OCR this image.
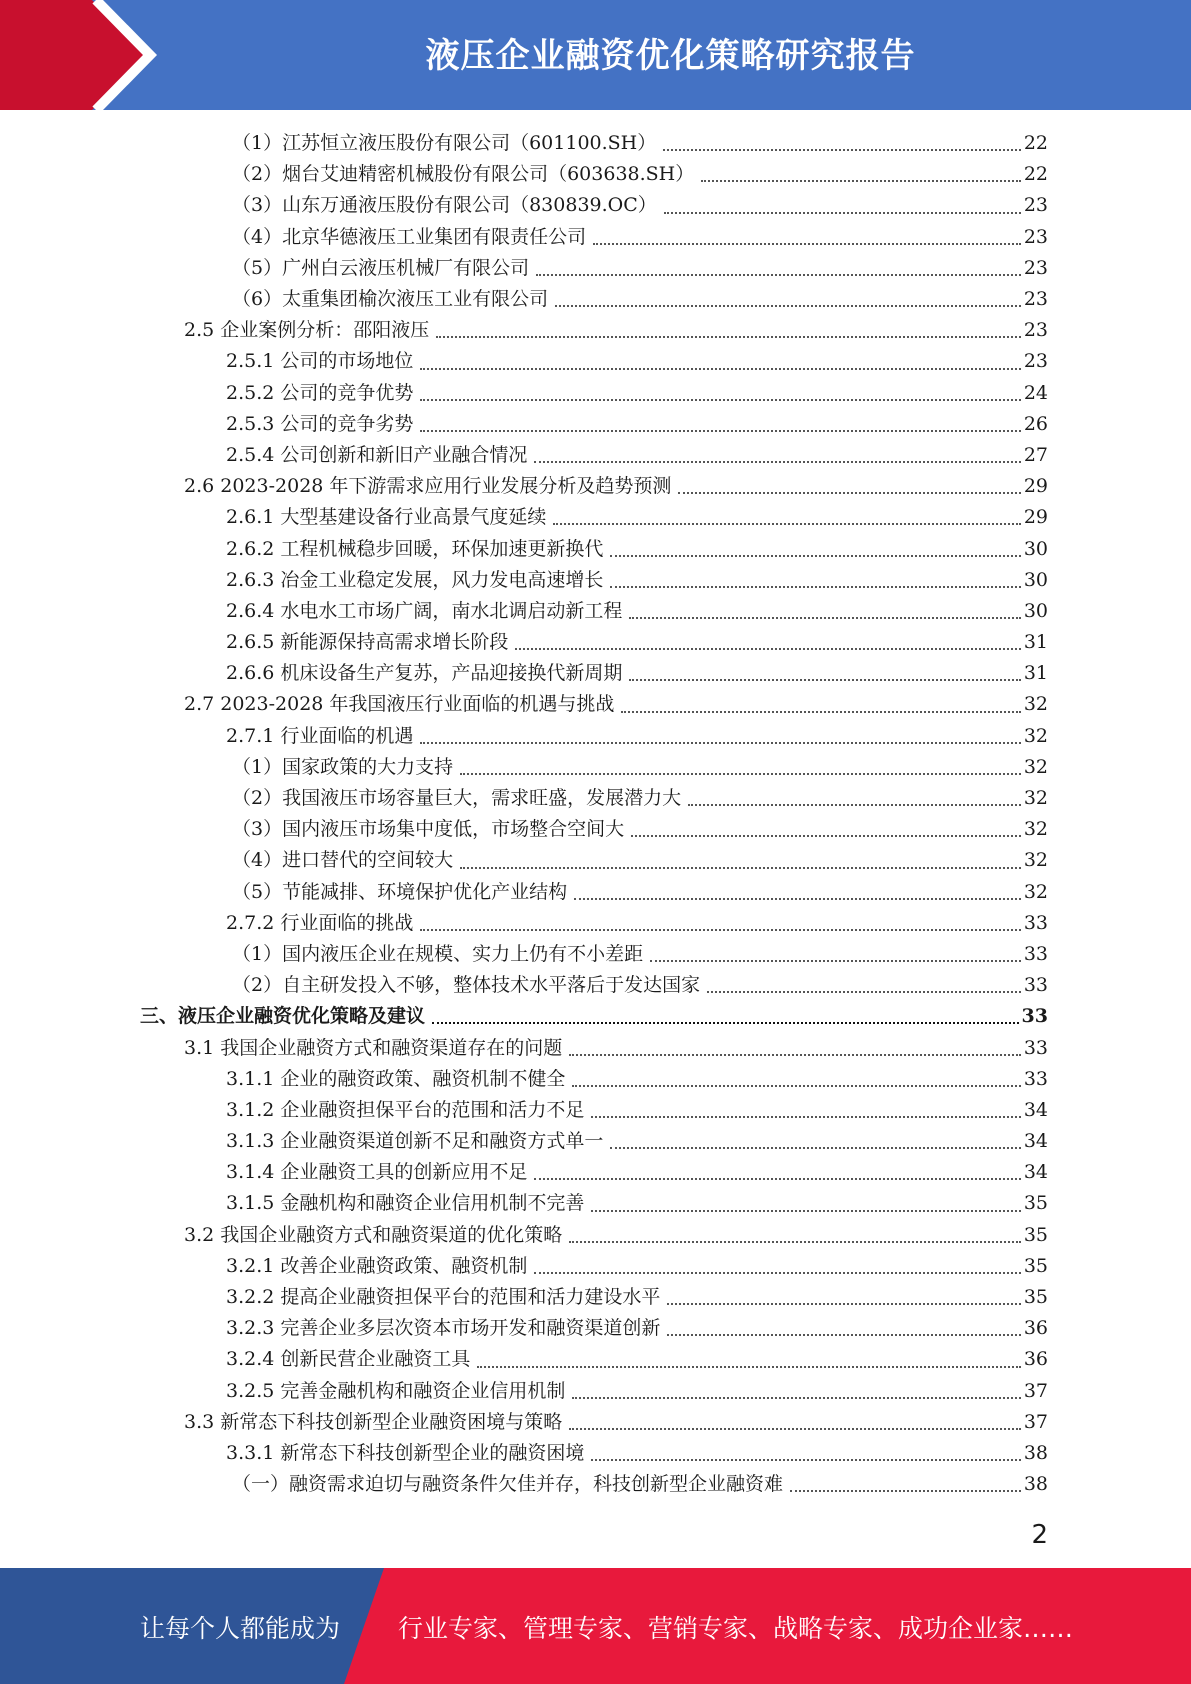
液压企业融资优化策略研究报告
（1）江苏恒立液压股份有限公司（601100.SH）	22
（2）烟台艾迪精密机械股份有限公司（603638.SH）	22
（3）山东万通液压股份有限公司（830839.OC）	23
（4）北京华德液压工业集团有限责任公司	23
（5）广州白云液压机械厂有限公司	23
（6）太重集团榆次液压工业有限公司	23
2.5 企业案例分析：邵阳液压	23
2.5.1 公司的市场地位	23
2.5.2 公司的竞争优势	24
2.5.3 公司的竞争劣势	26
2.5.4 公司创新和新旧产业融合情况	27
2.6 2023-2028 年下游需求应用行业发展分析及趋势预测	29
2.6.1 大型基建设备行业高景气度延续	29
2.6.2 工程机械稳步回暖，环保加速更新换代	30
2.6.3 冶金工业稳定发展，风力发电高速增长	30
2.6.4 水电水工市场广阔，南水北调启动新工程	30
2.6.5 新能源保持高需求增长阶段	31
2.6.6 机床设备生产复苏，产品迎接换代新周期	31
2.7 2023-2028 年我国液压行业面临的机遇与挑战	32
2.7.1 行业面临的机遇	32
（1）国家政策的大力支持	32
（2）我国液压市场容量巨大，需求旺盛，发展潜力大	32
（3）国内液压市场集中度低，市场整合空间大	32
（4）进口替代的空间较大	32
（5）节能减排、环境保护优化产业结构	32
2.7.2 行业面临的挑战	33
（1）国内液压企业在规模、实力上仍有不小差距	33
（2）自主研发投入不够，整体技术水平落后于发达国家	33
三、液压企业融资优化策略及建议	33
3.1 我国企业融资方式和融资渠道存在的问题	33
3.1.1 企业的融资政策、融资机制不健全	33
3.1.2 企业融资担保平台的范围和活力不足	34
3.1.3 企业融资渠道创新不足和融资方式单一	34
3.1.4 企业融资工具的创新应用不足	34
3.1.5 金融机构和融资企业信用机制不完善	35
3.2 我国企业融资方式和融资渠道的优化策略	35
3.2.1 改善企业融资政策、融资机制	35
3.2.2 提高企业融资担保平台的范围和活力建设水平	35
3.2.3 完善企业多层次资本市场开发和融资渠道创新	36
3.2.4 创新民营企业融资工具	36
3.2.5 完善金融机构和融资企业信用机制	37
3.3 新常态下科技创新型企业融资困境与策略	37
3.3.1 新常态下科技创新型企业的融资困境	38
（一）融资需求迫切与融资条件欠佳并存，科技创新型企业融资难	38
2
让每个人都能成为 行业专家、管理专家、营销专家、战略专家、成功企业家……
